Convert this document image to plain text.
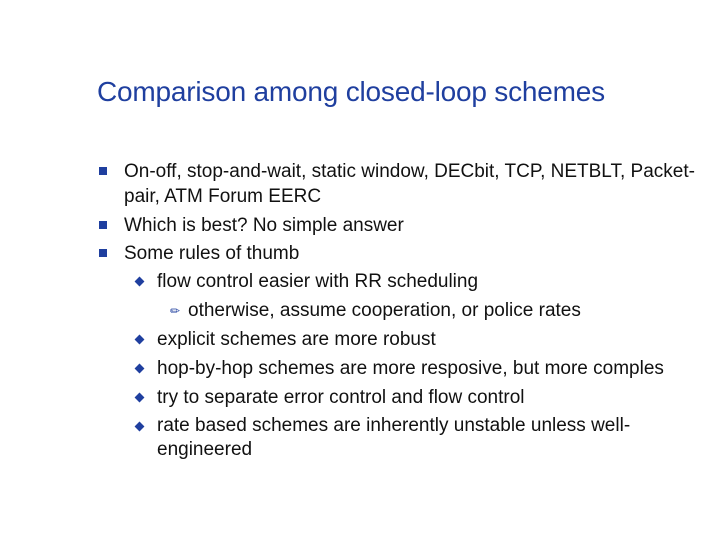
Comparison among closed-loop schemes
On-off, stop-and-wait, static window, DECbit, TCP, NETBLT, Packet-pair, ATM Forum EERC
Which is best? No simple answer
Some rules of thumb
flow control easier with RR scheduling
✏ otherwise, assume cooperation, or police rates
explicit schemes are more robust
hop-by-hop schemes are more resposive, but more comples
try to separate error control and flow control
rate based schemes are inherently unstable unless well-engineered
